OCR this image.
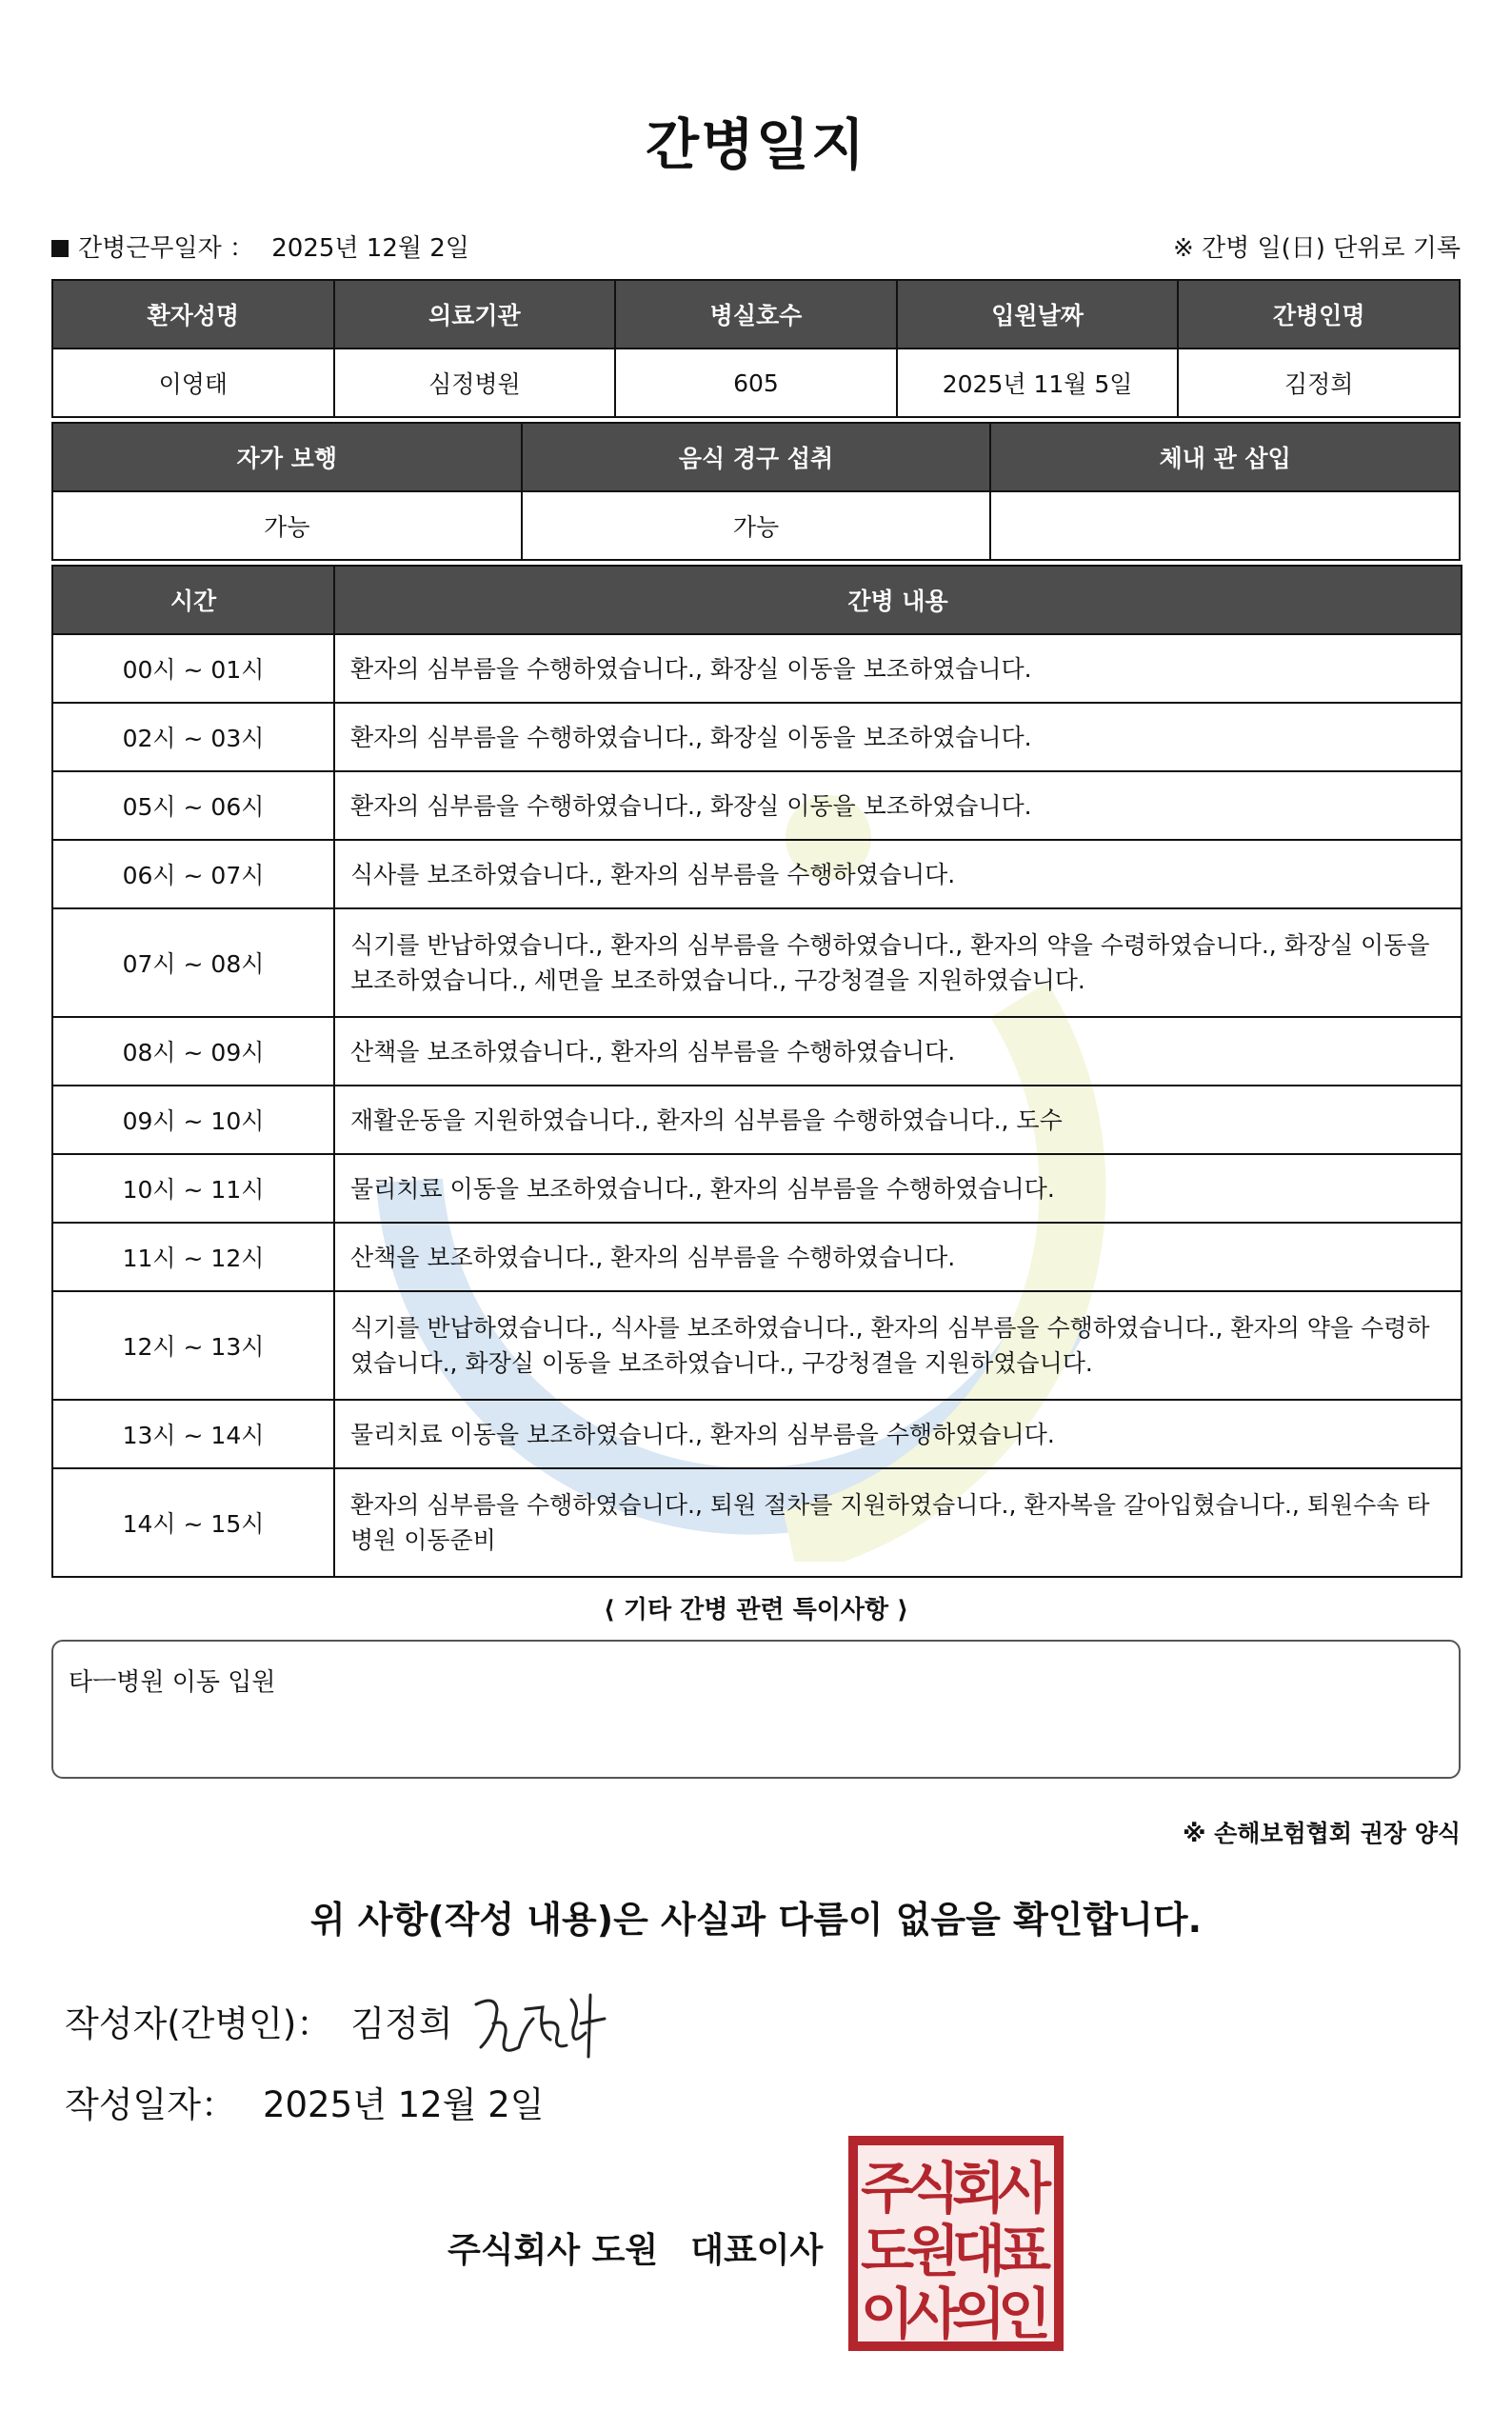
간병일지
간병근무일자 ： 2025년 12월 2일	※ 간병 일(日) 단위로 기록
환자성명	의료기관	병실호수	입원날짜	간병인명
이영태	심정병원	605	2025년 11월 5일	김정희
자가 보행	음식 경구 섭취	체내 관 삽입
가능	가능	
시간	간병 내용
00시 ~ 01시	환자의 심부름을 수행하였습니다., 화장실 이동을 보조하였습니다.
02시 ~ 03시	환자의 심부름을 수행하였습니다., 화장실 이동을 보조하였습니다.
05시 ~ 06시	환자의 심부름을 수행하였습니다., 화장실 이동을 보조하였습니다.
06시 ~ 07시	식사를 보조하였습니다., 환자의 심부름을 수행하였습니다.
07시 ~ 08시	식기를 반납하였습니다., 환자의 심부름을 수행하였습니다., 환자의 약을 수령하였습니다., 화장실 이동을 보조하였습니다., 세면을 보조하였습니다., 구강청결을 지원하였습니다.
08시 ~ 09시	산책을 보조하였습니다., 환자의 심부름을 수행하였습니다.
09시 ~ 10시	재활운동을 지원하였습니다., 환자의 심부름을 수행하였습니다., 도수
10시 ~ 11시	물리치료 이동을 보조하였습니다., 환자의 심부름을 수행하였습니다.
11시 ~ 12시	산책을 보조하였습니다., 환자의 심부름을 수행하였습니다.
12시 ~ 13시	식기를 반납하였습니다., 식사를 보조하였습니다., 환자의 심부름을 수행하였습니다., 환자의 약을 수령하였습니다., 화장실 이동을 보조하였습니다., 구강청결을 지원하였습니다.
13시 ~ 14시	물리치료 이동을 보조하였습니다., 환자의 심부름을 수행하였습니다.
14시 ~ 15시	환자의 심부름을 수행하였습니다., 퇴원 절차를 지원하였습니다., 환자복을 갈아입혔습니다., 퇴원수속 타병원 이동준비
⟨ 기타 간병 관련 특이사항 ⟩
타ㅡ병원 이동 입원
※ 손해보험협회 권장 양식
위 사항(작성 내용)은 사실과 다름이 없음을 확인합니다.
작성자(간병인)： 김정희
작성일자： 2025년 12월 2일
주식회사 도원 대표이사
주
식
회
사
도
원
대
표
이
사
의
인
